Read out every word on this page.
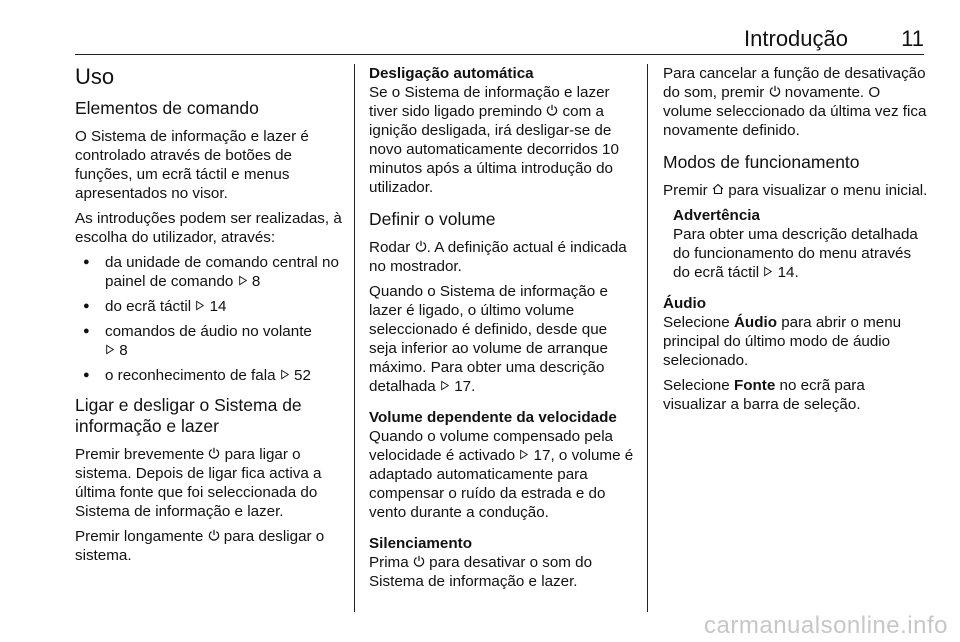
Introdução 11
Uso
Elementos de comando

O Sistema de informação e lazer é controlado através de botões de funções, um ecrã táctil e menus apresentados no visor.

As introduções podem ser realizadas, à escolha do utilizador, através:

● da unidade de comando central no painel de comando 8
● do ecrã táctil 14
● comandos de áudio no volante
8
● o reconhecimento de fala 52
Ligar e desligar o Sistema de informação e lazer

Premir brevemente para ligar o sistema. Depois de ligar fica activa a última fonte que foi seleccionada do Sistema de informação e lazer.

Premir longamente para desligar o sistema.

Desligação automática

Se o Sistema de informação e lazer tiver sido ligado premindo com a ignição desligada, irá desligar-se de novo automaticamente decorridos 10 minutos após a última introdução do utilizador.

Definir o volume

Rodar . A definição actual é indicada no mostrador.

Quando o Sistema de informação e lazer é ligado, o último volume seleccionado é definido, desde que seja inferior ao volume de arranque máximo. Para obter uma descrição detalhada 17.

Volume dependente da velocidade

Quando o volume compensado pela velocidade é activado 17, o volume é adaptado automaticamente para compensar o ruído da estrada e do vento durante a condução.

Silenciamento

Prima para desativar o som do Sistema de informação e lazer.

Para cancelar a função de desativação do som, premir novamente. O volume seleccionado da última vez fica novamente definido.

Modos de funcionamento

Premir para visualizar o menu inicial.

Advertência

Para obter uma descrição detalhada do funcionamento do menu através do ecrã táctil 14.

Áudio

Selecione Áudio para abrir o menu principal do último modo de áudio selecionado.

Selecione Fonte no ecrã para visualizar a barra de seleção.

carmanualsonline.info
